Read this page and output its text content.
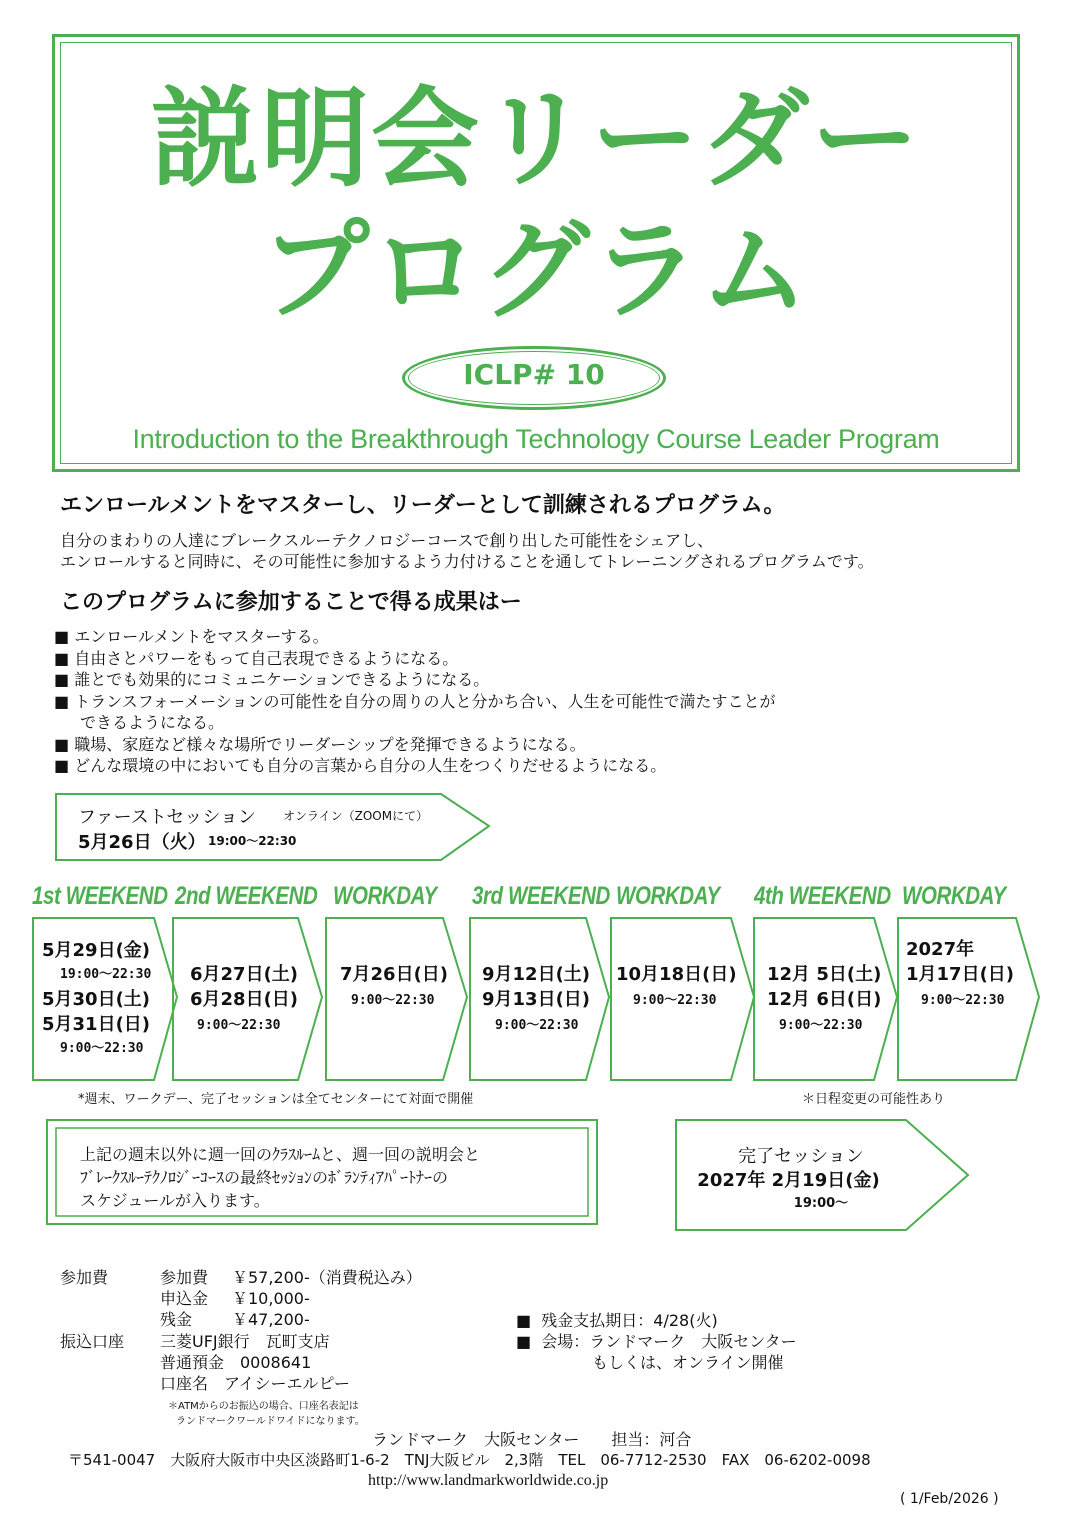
説明会リーダー
プログラム
ICLP# 10
Introduction to the Breakthrough Technology Course Leader Program
エンロールメントをマスターし、リーダーとして訓練されるプログラム。
自分のまわりの人達にブレークスルーテクノロジーコースで創り出した可能性をシェアし、
エンロールすると同時に、その可能性に参加するよう力付けることを通してトレーニングされるプログラムです。
このプログラムに参加することで得る成果はー
■ エンロールメントをマスターする。
■ 自由さとパワーをもって自己表現できるようになる。
■ 誰とでも効果的にコミュニケーションできるようになる。
■ トランスフォーメーションの可能性を自分の周りの人と分かち合い、人生を可能性で満たすことが
できるようになる。
■ 職場、家庭など様々な場所でリーダーシップを発揮できるようになる。
■ どんな環境の中においても自分の言葉から自分の人生をつくりだせるようになる。
ファーストセッション オンライン（ZOOMにて）
5月26日（火） 19:00〜22:30
1st WEEKEND 2nd WEEKEND WORKDAY 3rd WEEKEND WORKDAY 4th WEEKEND WORKDAY
5月29日(金)
19:00〜22:30
5月30日(土)
5月31日(日)
9:00〜22:30
6月27日(土)
6月28日(日)
9:00〜22:30
7月26日(日)
9:00〜22:30
9月12日(土)
9月13日(日)
9:00〜22:30
10月18日(日)
9:00〜22:30
12月 5日(土)
12月 6日(日)
9:00〜22:30
2027年
1月17日(日)
9:00〜22:30
*週末、ワークデー、完了セッションは全てセンターにて対面で開催	＊日程変更の可能性あり
上記の週末以外に週一回のｸﾗｽﾙｰﾑと、週一回の説明会と
ﾌﾞﾚｰｸｽﾙｰﾃｸﾉﾛｼﾞｰｺｰｽの最終ｾｯｼｮﾝのﾎﾞﾗﾝﾃｨｱﾊﾟｰﾄﾅｰの
スケジュールが入ります。
完了セッション
2027年 2月19日(金)
19:00〜
参加費	参加費 ￥57,200-（消費税込み）
申込金 ￥10,000-
残金 ￥47,200-
振込口座 三菱UFJ銀行　瓦町支店
普通預金　0008641
口座名　アイシーエルピー
＊ATMからのお振込の場合、口座名表記は
ランドマークワールドワイドになります。
■  残金支払期日：4/28(火)
■  会場：ランドマーク　大阪センター
もしくは、オンライン開催
ランドマーク　大阪センター　　担当：河合
〒541-0047　大阪府大阪市中央区淡路町1-6-2　TNJ大阪ビル　2,3階　TEL　06-7712-2530　FAX　06-6202-0098
http://www.landmarkworldwide.co.jp
( 1/Feb/2026 )
